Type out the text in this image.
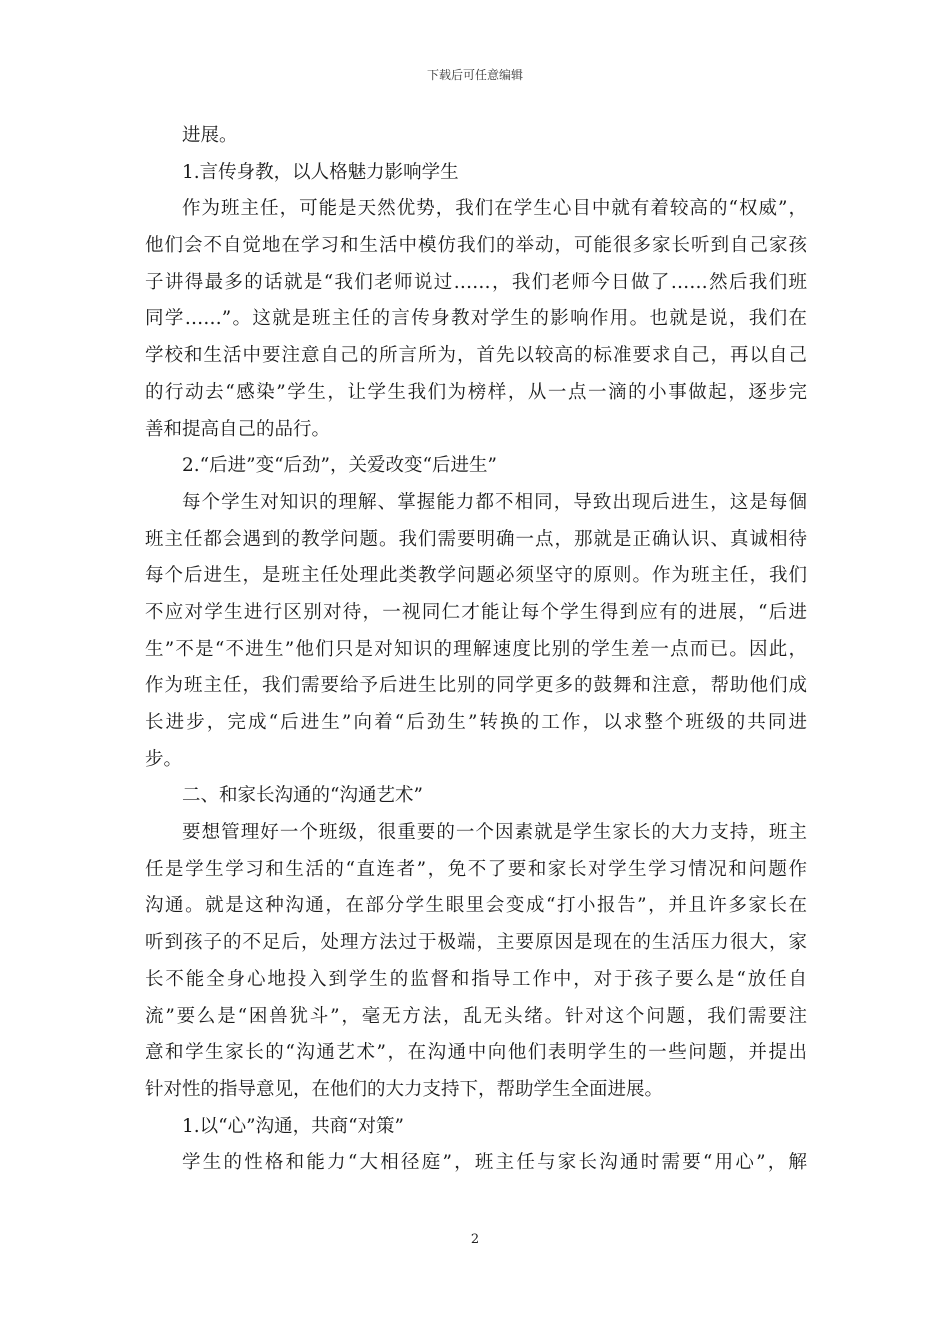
下载后可任意编辑
进展。
1.言传身教，以人格魅力影响学生
作为班主任，可能是天然优势，我们在学生心目中就有着较高的“权威”，
他们会不自觉地在学习和生活中模仿我们的举动，可能很多家长听到自己家孩
子讲得最多的话就是“我们老师说过……，我们老师今日做了……然后我们班
同学……”。这就是班主任的言传身教对学生的影响作用。也就是说，我们在
学校和生活中要注意自己的所言所为，首先以较高的标准要求自己，再以自己
的行动去“感染”学生，让学生我们为榜样，从一点一滴的小事做起，逐步完
善和提高自己的品行。
2.“后进”变“后劲”，关爱改变“后进生”
每个学生对知识的理解、掌握能力都不相同，导致出现后进生，这是每個
班主任都会遇到的教学问题。我们需要明确一点，那就是正确认识、真诚相待
每个后进生，是班主任处理此类教学问题必须坚守的原则。作为班主任，我们
不应对学生进行区别对待，一视同仁才能让每个学生得到应有的进展，“后进
生”不是“不进生”他们只是对知识的理解速度比别的学生差一点而已。因此，
作为班主任，我们需要给予后进生比别的同学更多的鼓舞和注意，帮助他们成
长进步，完成“后进生”向着“后劲生”转换的工作，以求整个班级的共同进
步。
二、和家长沟通的“沟通艺术”
要想管理好一个班级，很重要的一个因素就是学生家长的大力支持，班主
任是学生学习和生活的“直连者”，免不了要和家长对学生学习情况和问题作
沟通。就是这种沟通，在部分学生眼里会变成“打小报告”，并且许多家长在
听到孩子的不足后，处理方法过于极端，主要原因是现在的生活压力很大，家
长不能全身心地投入到学生的监督和指导工作中，对于孩子要么是“放任自
流”要么是“困兽犹斗”，毫无方法，乱无头绪。针对这个问题，我们需要注
意和学生家长的“沟通艺术”，在沟通中向他们表明学生的一些问题，并提出
针对性的指导意见，在他们的大力支持下，帮助学生全面进展。
1.以“心”沟通，共商“对策”
学生的性格和能力“大相径庭”，班主任与家长沟通时需要“用心”，解
2
